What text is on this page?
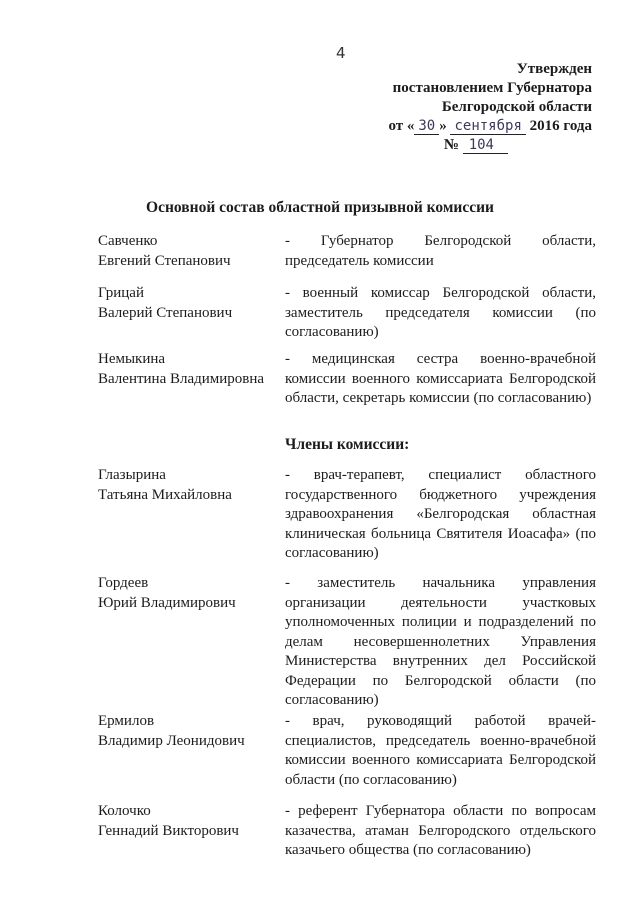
4
Утвержден
постановлением Губернатора
Белгородской области
от « 30 » сентября 2016 года
№ 104
Основной состав областной призывной комиссии
Савченко
Евгений Степанович
- Губернатор Белгородской области, председатель комиссии
Грицай
Валерий Степанович
- военный комиссар Белгородской области, заместитель председателя комиссии (по согласованию)
Немыкина
Валентина Владимировна
- медицинская сестра военно-врачебной комиссии военного комиссариата Белгородской области, секретарь комиссии (по согласованию)
Члены комиссии:
Глазырина
Татьяна Михайловна
- врач-терапевт, специалист областного государственного бюджетного учреждения здравоохранения «Белгородская областная клиническая больница Святителя Иоасафа» (по согласованию)
Гордеев
Юрий Владимирович
- заместитель начальника управления организации деятельности участковых уполномоченных полиции и подразделений по делам несовершеннолетних Управления Министерства внутренних дел Российской Федерации по Белгородской области (по согласованию)
Ермилов
Владимир Леонидович
- врач, руководящий работой врачей-специалистов, председатель военно-врачебной комиссии военного комиссариата Белгородской области (по согласованию)
Колочко
Геннадий Викторович
- референт Губернатора области по вопросам казачества, атаман Белгородского отдельского казачьего общества (по согласованию)
